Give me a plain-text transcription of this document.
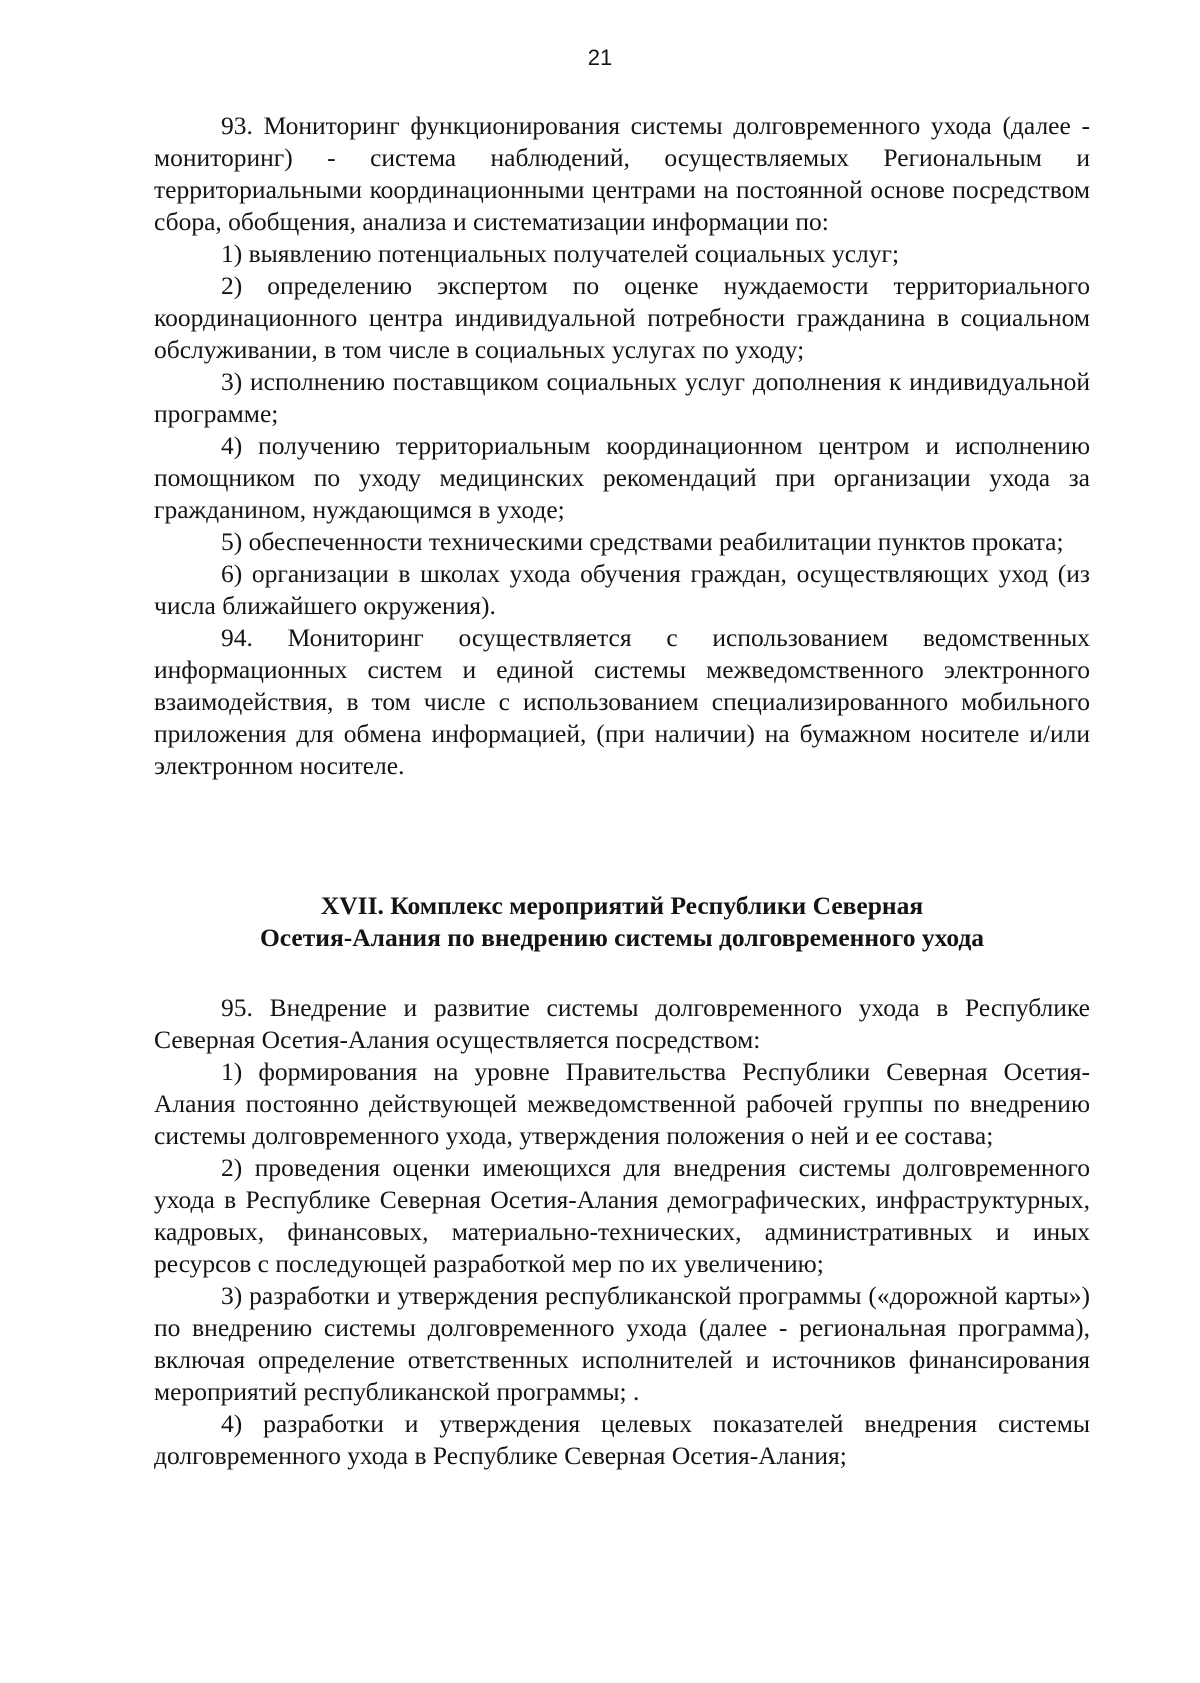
21

93. Мониторинг функционирования системы долговременного ухода (далее - мониторинг) - система наблюдений, осуществляемых Региональным и территориальными координационными центрами на постоянной основе посредством сбора, обобщения, анализа и систематизации информации по:

1) выявлению потенциальных получателей социальных услуг;

2) определению экспертом по оценке нуждаемости территориального координационного центра индивидуальной потребности гражданина в социальном обслуживании, в том числе в социальных услугах по уходу;

3) исполнению поставщиком социальных услуг дополнения к индивидуальной программе;

4) получению территориальным координационном центром и исполнению помощником по уходу медицинских рекомендаций при организации ухода за гражданином, нуждающимся в уходе;

5) обеспеченности техническими средствами реабилитации пунктов проката;

6) организации в школах ухода обучения граждан, осуществляющих уход (из числа ближайшего окружения).

94. Мониторинг осуществляется с использованием ведомственных информационных систем и единой системы межведомственного электронного взаимодействия, в том числе с использованием специализированного мобильного приложения для обмена информацией, (при наличии) на бумажном носителе и/или электронном носителе.

XVII. Комплекс мероприятий Республики Северная
Осетия-Алания по внедрению системы долговременного ухода

95. Внедрение и развитие системы долговременного ухода в Республике Северная Осетия-Алания осуществляется посредством:

1) формирования на уровне Правительства Республики Северная Осетия-Алания постоянно действующей межведомственной рабочей группы по внедрению системы долговременного ухода, утверждения положения о ней и ее состава;

2) проведения оценки имеющихся для внедрения системы долговременного ухода в Республике Северная Осетия-Алания демографических, инфраструктурных, кадровых, финансовых, материально-технических, административных и иных ресурсов с последующей разработкой мер по их увеличению;

3) разработки и утверждения республиканской программы («дорожной карты») по внедрению системы долговременного ухода (далее - региональная программа), включая определение ответственных исполнителей и источников финансирования мероприятий республиканской программы; .

4) разработки и утверждения целевых показателей внедрения системы долговременного ухода в Республике Северная Осетия-Алания;
